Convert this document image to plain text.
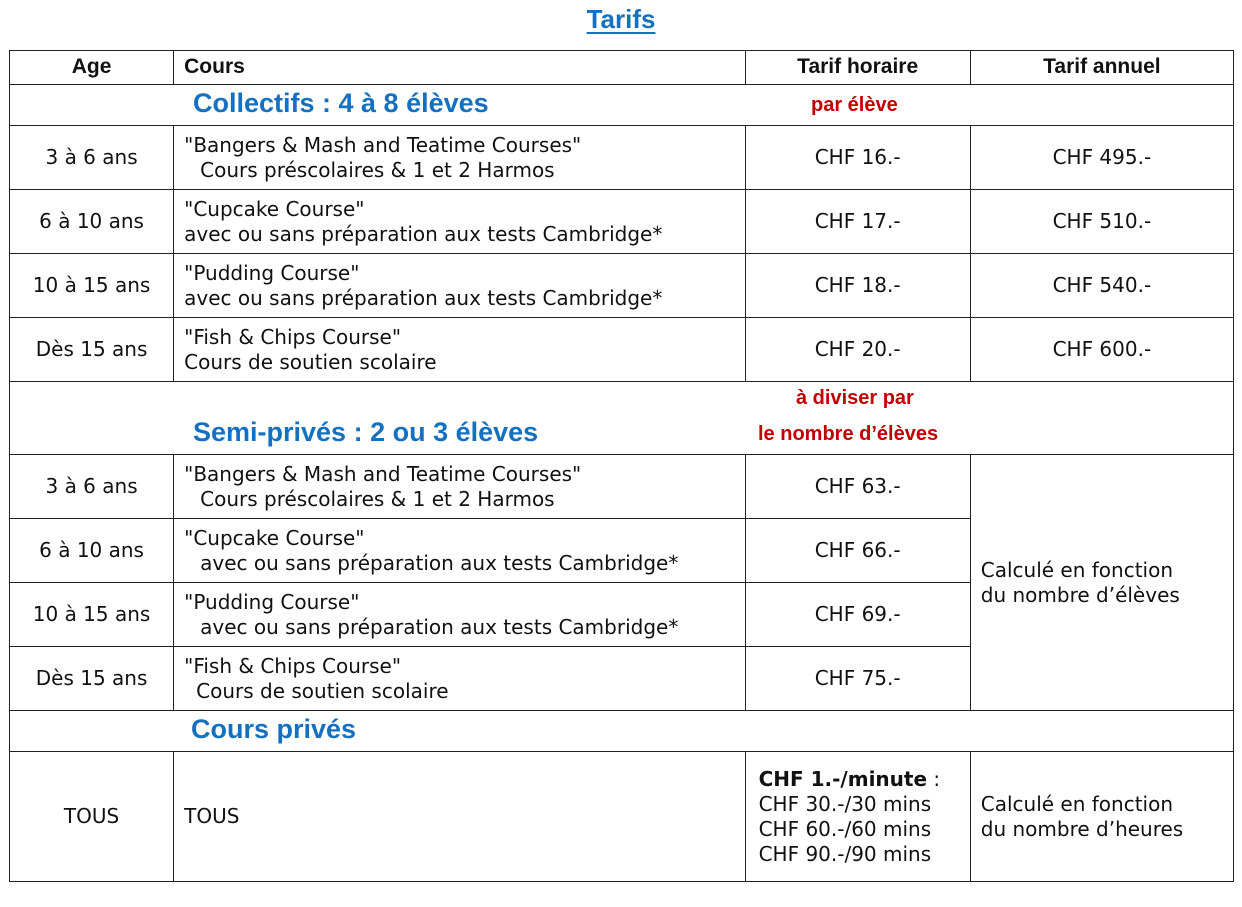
Tarifs
Age	Cours	Tarif horaire	Tarif annuel

Collectifs : 4 à 8 élèves par élève			

3 à 6 ans	"Bangers & Mash and Teatime Courses"
Cours préscolaires & 1 et 2 Harmos	CHF 16.-	CHF 495.-
6 à 10 ans	"Cupcake Course"
avec ou sans préparation aux tests Cambridge*	CHF 17.-	CHF 510.-
10 à 15 ans	"Pudding Course"
avec ou sans préparation aux tests Cambridge*	CHF 18.-	CHF 540.-
Dès 15 ans	"Fish & Chips Course"
Cours de soutien scolaire	CHF 20.-	CHF 600.-

Semi-privés : 2 ou 3 élèves
à diviser par
le nombre d’élèves			

3 à 6 ans	"Bangers & Mash and Teatime Courses"
Cours préscolaires & 1 et 2 Harmos	CHF 63.-	Calculé en fonction
du nombre d’élèves

6 à 10 ans	"Cupcake Course"
avec ou sans préparation aux tests Cambridge*	CHF 66.-	
10 à 15 ans	"Pudding Course"
avec ou sans préparation aux tests Cambridge*	CHF 69.-	
Dès 15 ans	"Fish & Chips Course"
Cours de soutien scolaire	CHF 75.-	

Cours privés			

TOUS	TOUS	CHF 1.-/minute :
CHF 30.-/30 mins
CHF 60.-/60 mins
CHF 90.-/90 mins	Calculé en fonction
du nombre d’heures
